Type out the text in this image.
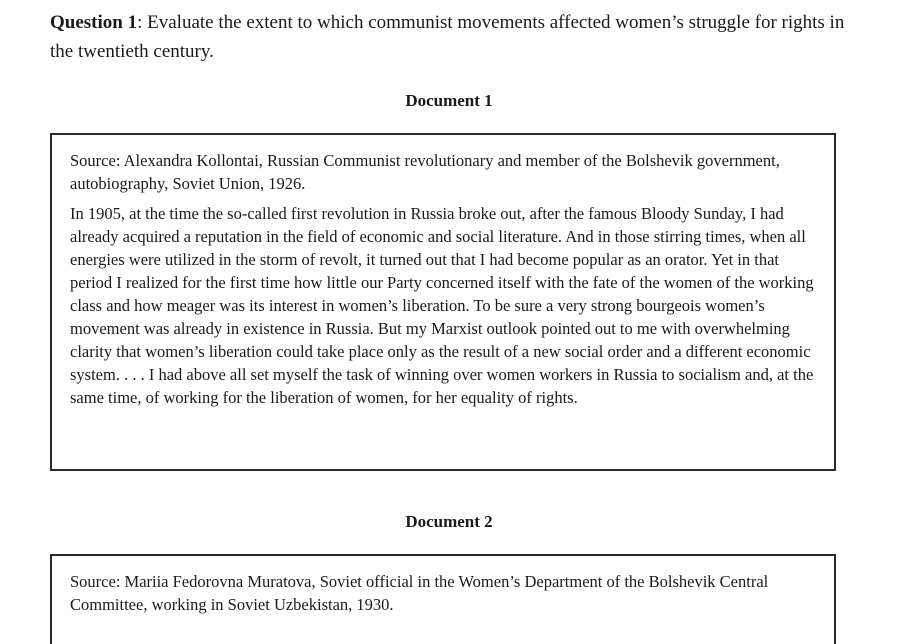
Question 1: Evaluate the extent to which communist movements affected women’s struggle for rights in the twentieth century.

Document 1

Source: Alexandra Kollontai, Russian Communist revolutionary and member of the Bolshevik government, autobiography, Soviet Union, 1926.

In 1905, at the time the so-called first revolution in Russia broke out, after the famous Bloody Sunday, I had already acquired a reputation in the field of economic and social literature. And in those stirring times, when all energies were utilized in the storm of revolt, it turned out that I had become popular as an orator. Yet in that period I realized for the first time how little our Party concerned itself with the fate of the women of the working class and how meager was its interest in women’s liberation. To be sure a very strong bourgeois women’s movement was already in existence in Russia. But my Marxist outlook pointed out to me with overwhelming clarity that women’s liberation could take place only as the result of a new social order and a different economic system. . . . I had above all set myself the task of winning over women workers in Russia to socialism and, at the same time, of working for the liberation of women, for her equality of rights.

Document 2

Source: Mariia Fedorovna Muratova, Soviet official in the Women’s Department of the Bolshevik Central Committee, working in Soviet Uzbekistan, 1930.
